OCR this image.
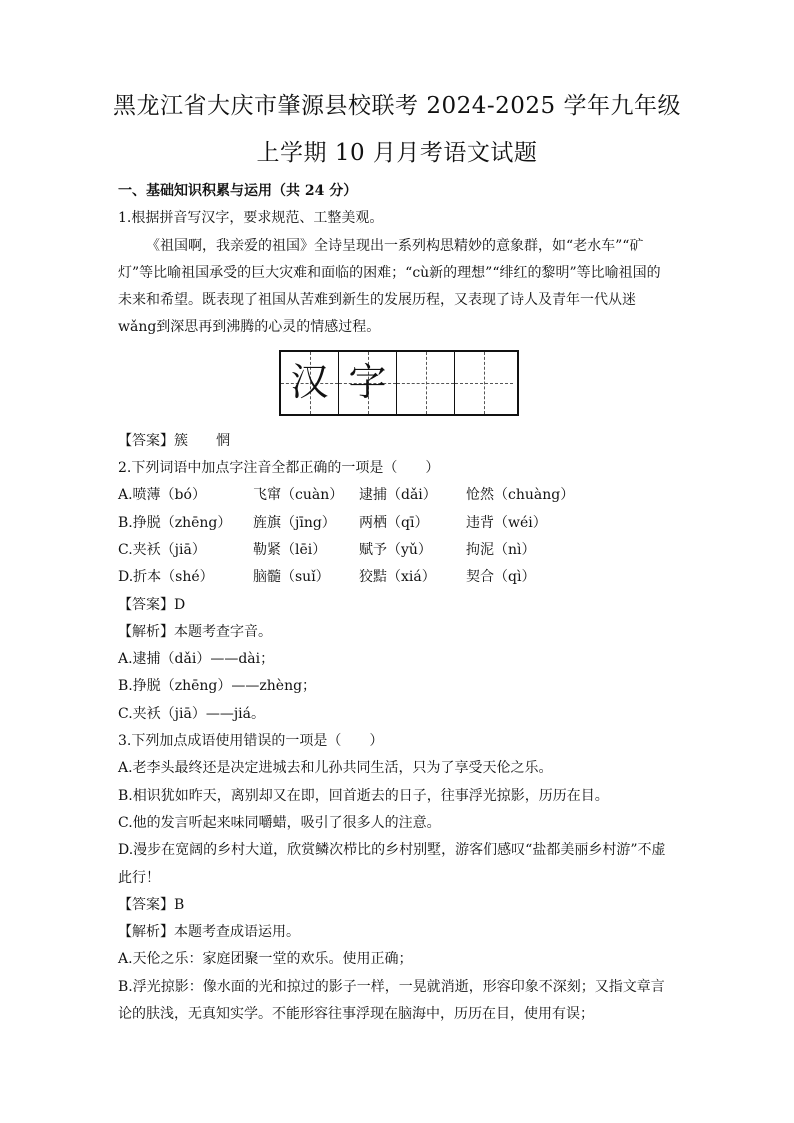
黑龙江省大庆市肇源县校联考 2024-2025 学年九年级
上学期 10 月月考语文试题
一、基础知识积累与运用（共 24 分）
1.根据拼音写汉字，要求规范、工整美观。
《祖国啊，我亲爱的祖国》全诗呈现出一系列构思精妙的意象群，如“老水车”“矿灯”等比喻祖国承受的巨大灾难和面临的困难；“cù新的理想”“绯红的黎明”等比喻祖国的未来和希望。既表现了祖国从苦难到新生的发展历程，又表现了诗人及青年一代从迷wǎng到深思再到沸腾的心灵的情感过程。
汉 字
【答案】簇　　惘
2.下列词语中加点字注音全都正确的一项是（　　）
A.喷薄（bó）	飞窜（cuàn）	逮捕（dǎi）	怆然（chuàng）
B.挣脱（zhēng）	旌旗（jīng）	两栖（qī）	违背（wéi）
C.夹袄（jiā）	勒紧（lēi）	赋予（yǔ）	拘泥（nì）
D.折本（shé）	脑髓（suǐ）	狡黠（xiá）	契合（qì）
【答案】D
【解析】本题考查字音。
A.逮捕（dǎi）——dài；
B.挣脱（zhēng）——zhèng；
C.夹袄（jiā）——jiá。
3.下列加点成语使用错误的一项是（　　）
A.老李头最终还是决定进城去和儿孙共同生活，只为了享受天伦之乐。
B.相识犹如昨天，离别却又在即，回首逝去的日子，往事浮光掠影，历历在目。
C.他的发言听起来味同嚼蜡，吸引了很多人的注意。
D.漫步在宽阔的乡村大道，欣赏鳞次栉比的乡村别墅，游客们感叹“盐都美丽乡村游”不虚此行！
【答案】B
【解析】本题考查成语运用。
A.天伦之乐：家庭团聚一堂的欢乐。使用正确；
B.浮光掠影：像水面的光和掠过的影子一样，一晃就消逝，形容印象不深刻；又指文章言论的肤浅，无真知实学。不能形容往事浮现在脑海中，历历在目，使用有误；
